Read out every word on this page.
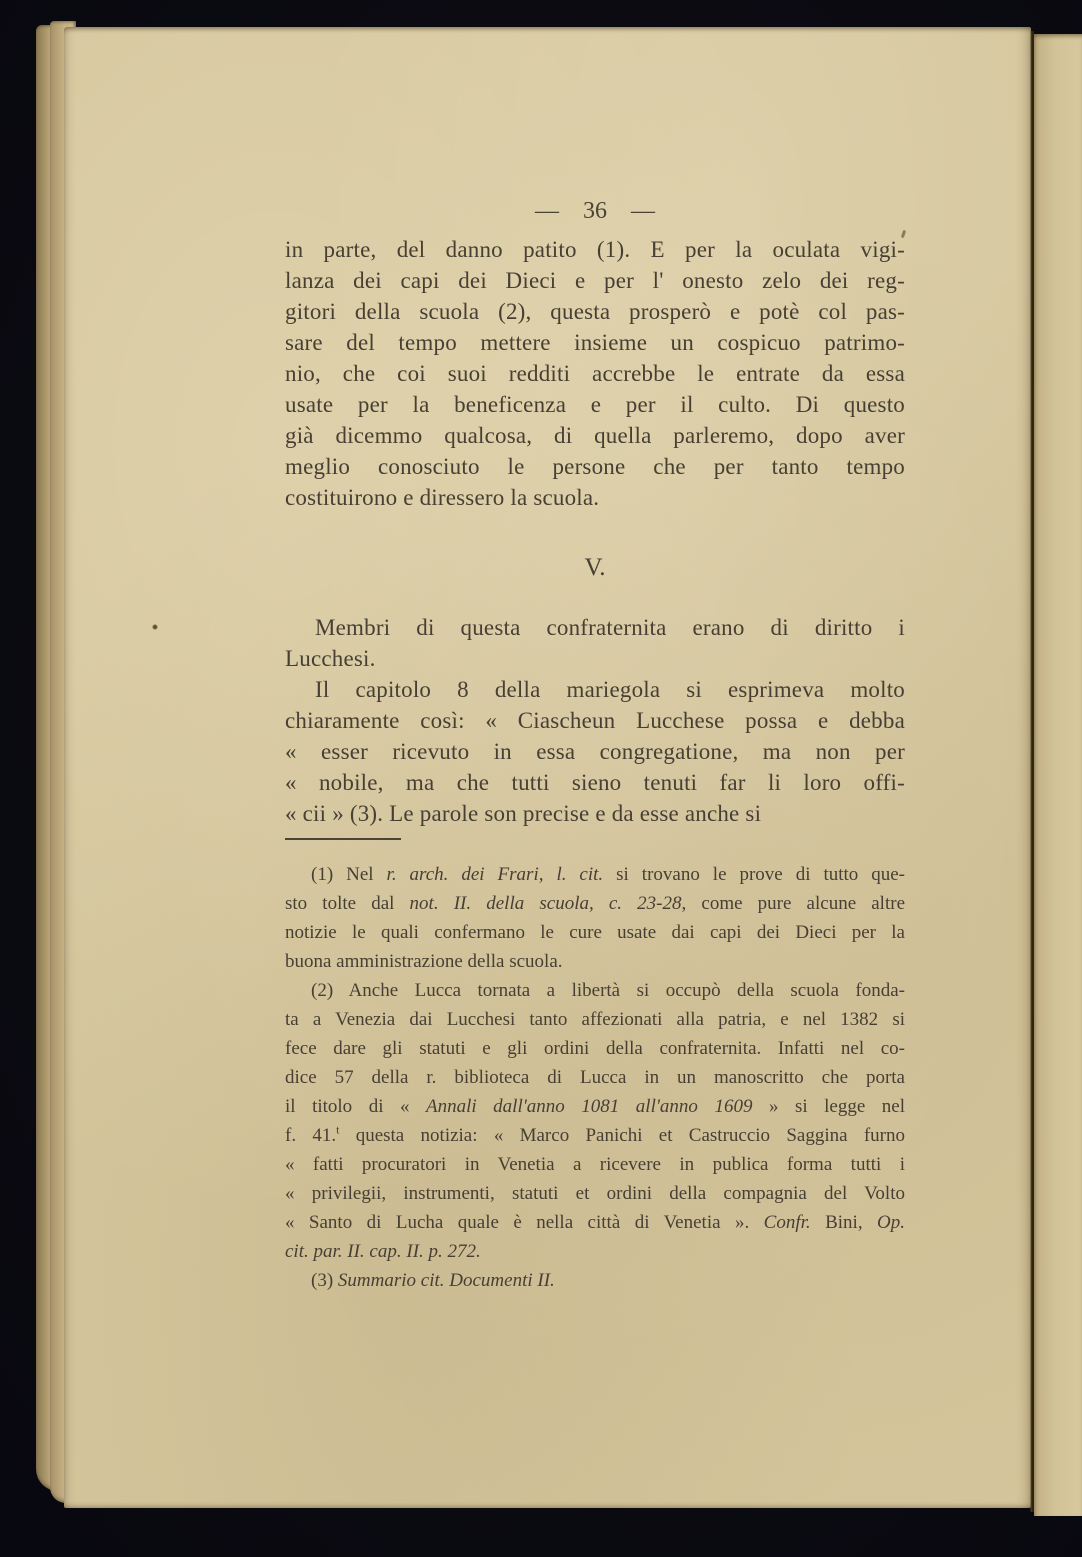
— 36 —
in parte, del danno patito (1). E per la oculata vigi-
lanza dei capi dei Dieci e per l' onesto zelo dei reg-
gitori della scuola (2), questa prosperò e potè col pas-
sare del tempo mettere insieme un cospicuo patrimo-
nio, che coi suoi redditi accrebbe le entrate da essa
usate per la beneficenza e per il culto. Di questo
già dicemmo qualcosa, di quella parleremo, dopo aver
meglio conosciuto le persone che per tanto tempo
costituirono e diressero la scuola.
V.
Membri di questa confraternita erano di diritto i
Lucchesi.
Il capitolo 8 della mariegola si esprimeva molto
chiaramente così: « Ciascheun Lucchese possa e debba
« esser ricevuto in essa congregatione, ma non per
« nobile, ma che tutti sieno tenuti far li loro offi-
« cii » (3). Le parole son precise e da esse anche si
(1) Nel r. arch. dei Frari, l. cit. si trovano le prove di tutto que-
sto tolte dal not. II. della scuola, c. 23-28, come pure alcune altre
notizie le quali confermano le cure usate dai capi dei Dieci per la
buona amministrazione della scuola.
(2) Anche Lucca tornata a libertà si occupò della scuola fonda-
ta a Venezia dai Lucchesi tanto affezionati alla patria, e nel 1382 si
fece dare gli statuti e gli ordini della confraternita. Infatti nel co-
dice 57 della r. biblioteca di Lucca in un manoscritto che porta
il titolo di « Annali dall'anno 1081 all'anno 1609 » si legge nel
f. 41.$^t$ questa notizia: « Marco Panichi et Castruccio Saggina furno
« fatti procuratori in Venetia a ricevere in publica forma tutti i
« privilegii, instrumenti, statuti et ordini della compagnia del Volto
« Santo di Lucha quale è nella città di Venetia ». Confr. Bini, Op.
cit. par. II. cap. II. p. 272.
(3) Summario cit. Documenti II.
